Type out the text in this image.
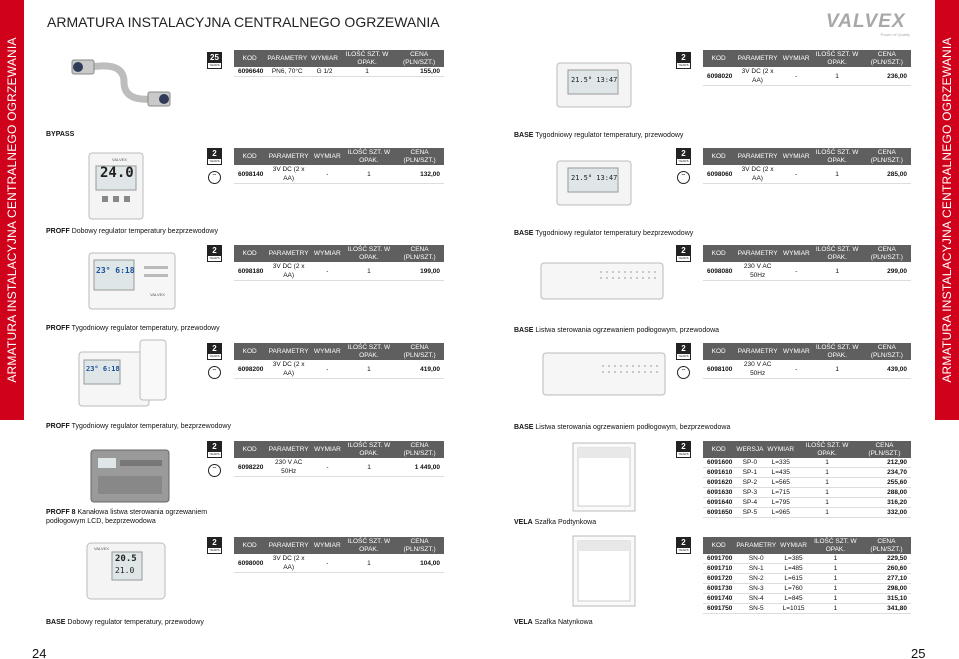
ARMATURA INSTALACYJNA CENTRALNEGO OGRZEWANIA	ARMATURA INSTALACYJNA CENTRALNEGO OGRZEWANIA
ARMATURA INSTALACYJNA CENTRALNEGO OGRZEWANIA	VALVEX
Power of Quality
BYPASS
24.0
VALVEX
PROFF Dobowy regulator temperatury bezprzewodowy
23° 6:18
VALVEX
PROFF Tygodniowy regulator temperatury, przewodowy
23° 6:18
PROFF Tygodniowy regulator temperatury, bezprzewodowy
PROFF 8 Kanałowa listwa sterowania ogrzewaniem podłogowym LCD, bezprzewodowa
20.5
21.0
VALVEX
BASE Dobowy regulator temperatury, przewodowy
25
YEARS
KOD	PARAMETRY	WYMIAR	ILOŚĆ SZT. W OPAK.	CENA (PLN/SZT.)
6096640	PN6, 70°C	G 1/2	1	155,00
2
YEARS
⌔
KOD	PARAMETRY	WYMIAR	ILOŚĆ SZT. W OPAK.	CENA (PLN/SZT.)
6098140	3V DC (2 x AA)	-	1	132,00
2
YEARS
KOD	PARAMETRY	WYMIAR	ILOŚĆ SZT. W OPAK.	CENA (PLN/SZT.)
6098180	3V DC (2 x AA)	-	1	199,00
2
YEARS
⌔
KOD	PARAMETRY	WYMIAR	ILOŚĆ SZT. W OPAK.	CENA (PLN/SZT.)
6098200	3V DC (2 x AA)	-	1	419,00
2
YEARS
⌔
KOD	PARAMETRY	WYMIAR	ILOŚĆ SZT. W OPAK.	CENA (PLN/SZT.)
6098220	230 V AC 50Hz	-	1	1 449,00
2
YEARS
KOD	PARAMETRY	WYMIAR	ILOŚĆ SZT. W OPAK.	CENA (PLN/SZT.)
6098000	3V DC (2 x AA)	-	1	104,00
21.5° 13:47
BASE Tygodniowy regulator temperatury, przewodowy
21.5° 13:47
BASE Tygodniowy regulator temperatury bezprzewodowy
BASE Listwa sterowania ogrzewaniem podłogowym, przewodowa
BASE Listwa sterowania ogrzewaniem podłogowym, bezprzewodowa
VELA Szafka Podtynkowa
VELA Szafka Natynkowa
2
YEARS
KOD	PARAMETRY	WYMIAR	ILOŚĆ SZT. W OPAK.	CENA (PLN/SZT.)
6098020	3V DC (2 x AA)	-	1	236,00
2
YEARS
⌔
KOD	PARAMETRY	WYMIAR	ILOŚĆ SZT. W OPAK.	CENA (PLN/SZT.)
6098060	3V DC (2 x AA)	-	1	285,00
2
YEARS
KOD	PARAMETRY	WYMIAR	ILOŚĆ SZT. W OPAK.	CENA (PLN/SZT.)
6098080	230 V AC 50Hz	-	1	299,00
2
YEARS
⌔
KOD	PARAMETRY	WYMIAR	ILOŚĆ SZT. W OPAK.	CENA (PLN/SZT.)
6098100	230 V AC 50Hz	-	1	439,00
2
YEARS
KOD	WERSJA	WYMIAR	ILOŚĆ SZT. W OPAK.	CENA (PLN/SZT.)
6091600	SP-0	L=335	1	212,90
6091610	SP-1	L=435	1	234,70
6091620	SP-2	L=565	1	255,60
6091630	SP-3	L=715	1	288,00
6091640	SP-4	L=795	1	316,20
6091650	SP-5	L=965	1	332,00
2
YEARS
KOD	PARAMETRY	WYMIAR	ILOŚĆ SZT. W OPAK.	CENA (PLN/SZT.)
6091700	SN-0	L=385	1	229,50
6091710	SN-1	L=485	1	260,60
6091720	SN-2	L=615	1	277,10
6091730	SN-3	L=760	1	298,00
6091740	SN-4	L=845	1	315,10
6091750	SN-5	L=1015	1	341,80
24	25
